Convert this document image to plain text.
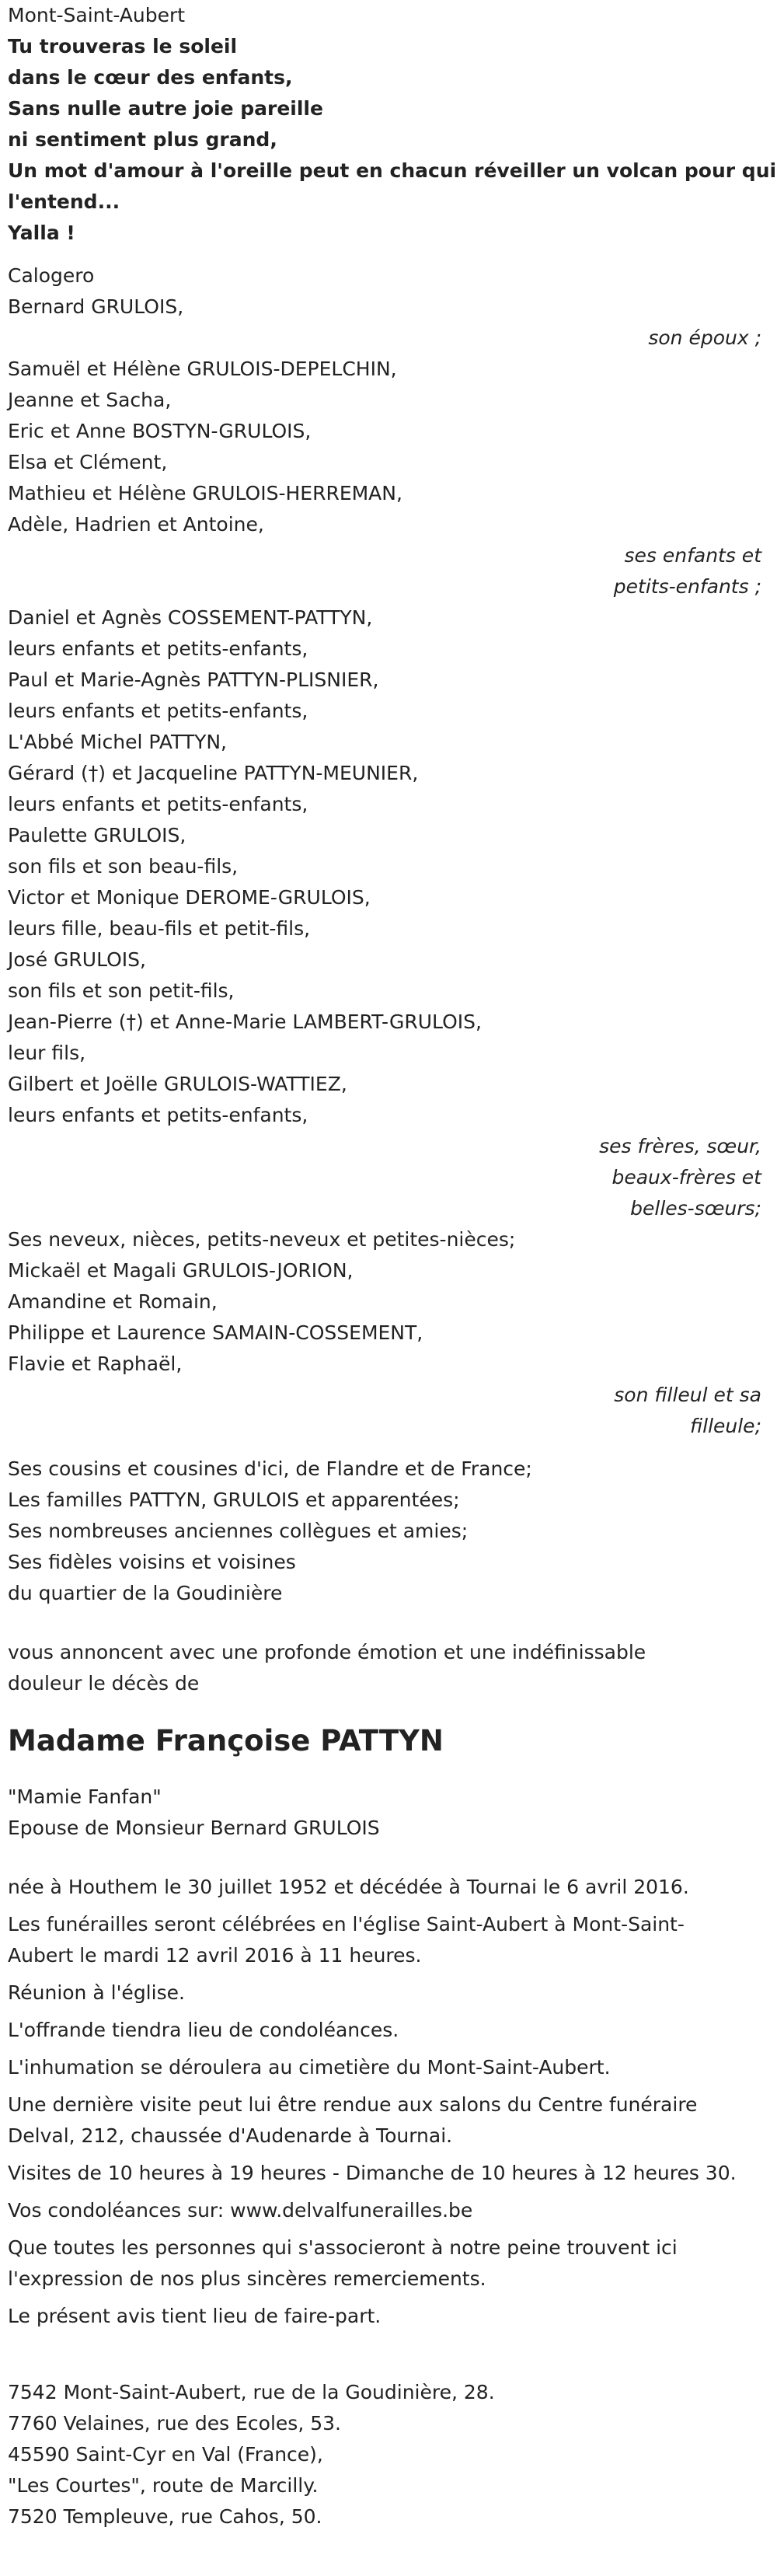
Mont-Saint-Aubert
Tu trouveras le soleil
dans le cœur des enfants,
Sans nulle autre joie pareille
ni sentiment plus grand,
Un mot d'amour à l'oreille peut en chacun réveiller un volcan pour qui
l'entend...
Yalla !
Calogero
Bernard GRULOIS,
son époux ;
Samuël et Hélène GRULOIS-DEPELCHIN,
Jeanne et Sacha,
Eric et Anne BOSTYN-GRULOIS,
Elsa et Clément,
Mathieu et Hélène GRULOIS-HERREMAN,
Adèle, Hadrien et Antoine,
ses enfants et
petits-enfants ;
Daniel et Agnès COSSEMENT-PATTYN,
leurs enfants et petits-enfants,
Paul et Marie-Agnès PATTYN-PLISNIER,
leurs enfants et petits-enfants,
L'Abbé Michel PATTYN,
Gérard (†) et Jacqueline PATTYN-MEUNIER,
leurs enfants et petits-enfants,
Paulette GRULOIS,
son fils et son beau-fils,
Victor et Monique DEROME-GRULOIS,
leurs fille, beau-fils et petit-fils,
José GRULOIS,
son fils et son petit-fils,
Jean-Pierre (†) et Anne-Marie LAMBERT-GRULOIS,
leur fils,
Gilbert et Joëlle GRULOIS-WATTIEZ,
leurs enfants et petits-enfants,
ses frères, sœur,
beaux-frères et
belles-sœurs;
Ses neveux, nièces, petits-neveux et petites-nièces;
Mickaël et Magali GRULOIS-JORION,
Amandine et Romain,
Philippe et Laurence SAMAIN-COSSEMENT,
Flavie et Raphaël,
son filleul et sa
filleule;
Ses cousins et cousines d'ici, de Flandre et de France;
Les familles PATTYN, GRULOIS et apparentées;
Ses nombreuses anciennes collègues et amies;
Ses fidèles voisins et voisines
du quartier de la Goudinière
vous annoncent avec une profonde émotion et une indéfinissable
douleur le décès de
Madame Françoise PATTYN
"Mamie Fanfan"
Epouse de Monsieur Bernard GRULOIS
née à Houthem le 30 juillet 1952 et décédée à Tournai le 6 avril 2016.
Les funérailles seront célébrées en l'église Saint-Aubert à Mont-Saint-
Aubert le mardi 12 avril 2016 à 11 heures.
Réunion à l'église.
L'offrande tiendra lieu de condoléances.
L'inhumation se déroulera au cimetière du Mont-Saint-Aubert.
Une dernière visite peut lui être rendue aux salons du Centre funéraire
Delval, 212, chaussée d'Audenarde à Tournai.
Visites de 10 heures à 19 heures - Dimanche de 10 heures à 12 heures 30.
Vos condoléances sur: www.delvalfunerailles.be
Que toutes les personnes qui s'associeront à notre peine trouvent ici
l'expression de nos plus sincères remerciements.
Le présent avis tient lieu de faire-part.
7542 Mont-Saint-Aubert, rue de la Goudinière, 28.
7760 Velaines, rue des Ecoles, 53.
45590 Saint-Cyr en Val (France),
"Les Courtes", route de Marcilly.
7520 Templeuve, rue Cahos, 50.
